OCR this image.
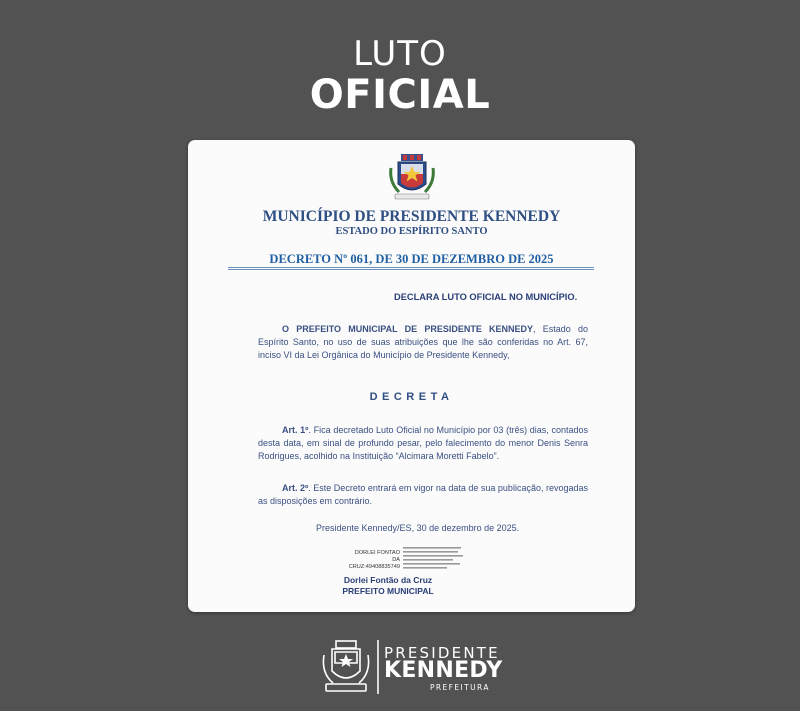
LUTO
OFICIAL
MUNICÍPIO DE PRESIDENTE KENNEDY
ESTADO DO ESPÍRITO SANTO
DECRETO Nº 061, DE 30 DE DEZEMBRO DE 2025
DECLARA LUTO OFICIAL NO MUNICÍPIO.
O PREFEITO MUNICIPAL DE PRESIDENTE KENNEDY, Estado do Espírito Santo, no uso de suas atribuições que lhe são conferidas no Art. 67, inciso VI da Lei Orgânica do Município de Presidente Kennedy,
DECRETA
Art. 1º. Fica decretado Luto Oficial no Município por 03 (três) dias, contados desta data, em sinal de profundo pesar, pelo falecimento do menor Denis Senra Rodrigues, acolhido na Instituição “Alcimara Moretti Fabelo”.
Art. 2º. Este Decreto entrará em vigor na data de sua publicação, revogadas as disposições em contrário.
Presidente Kennedy/ES, 30 de dezembro de 2025.
DORLEI FONTAO
DA
CRUZ:49408835749
Dorlei Fontão da Cruz
PREFEITO MUNICIPAL
PRESIDENTE
KENNEDY
PREFEITURA
